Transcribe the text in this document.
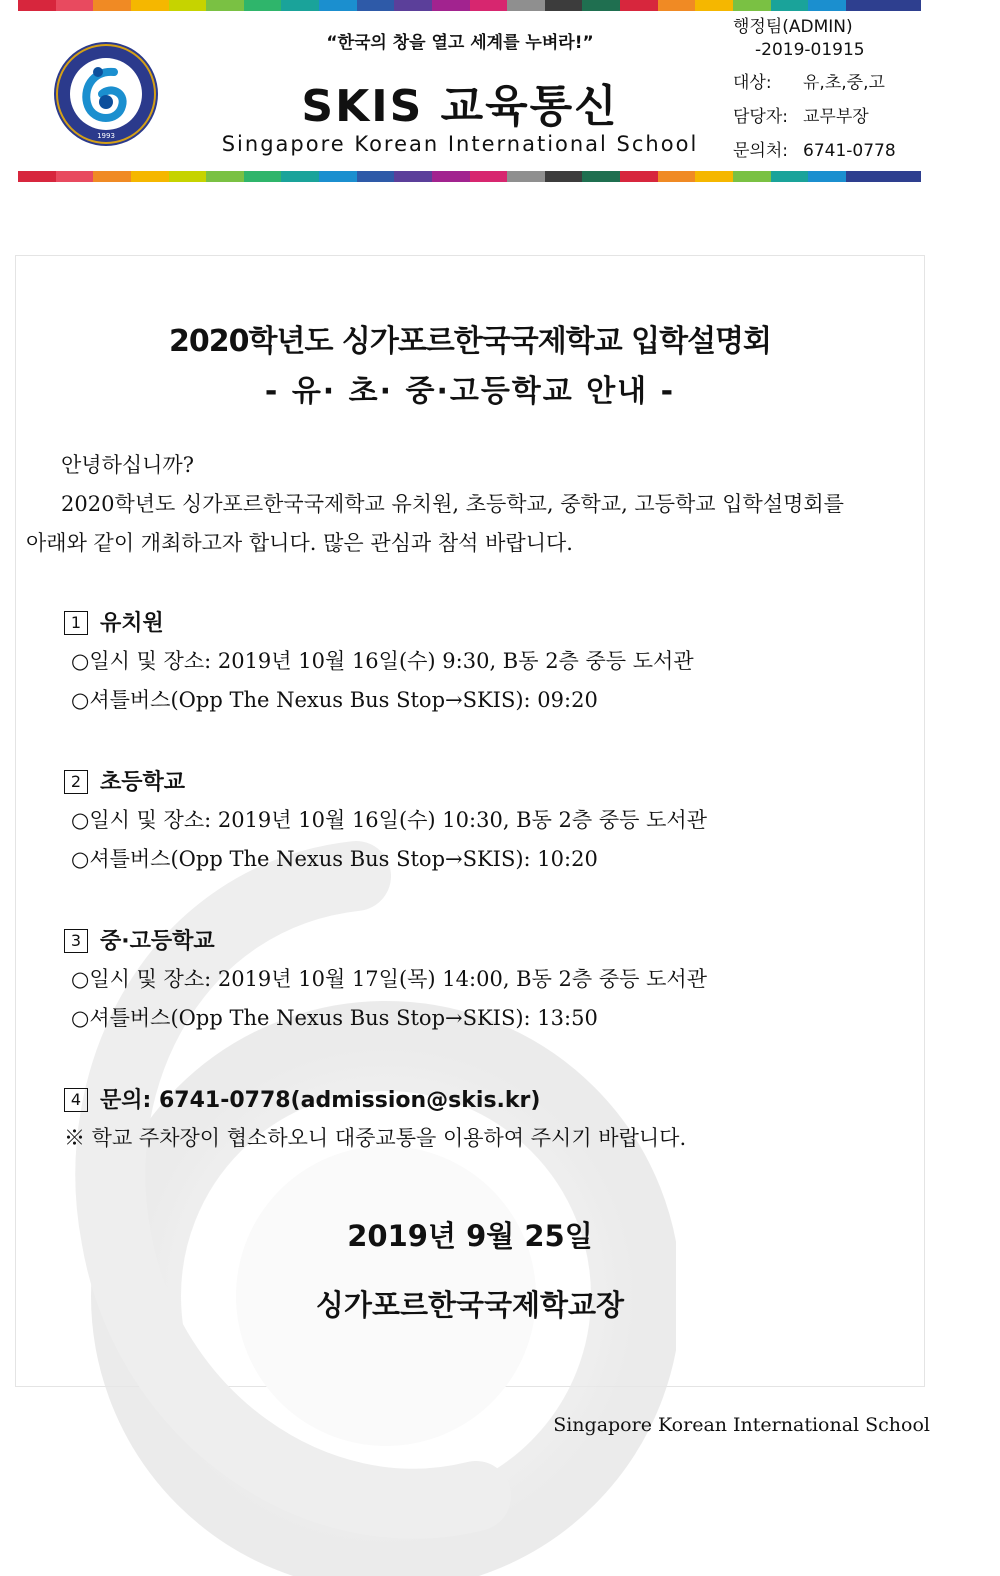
1993
“한국의 창을 열고 세계를 누벼라!”
SKIS 교육통신
Singapore Korean International School
행정팀(ADMIN)
-2019-01915
대상: 유,초,중,고
담당자: 교무부장
문의처: 6741-0778
2020학년도 싱가포르한국국제학교 입학설명회
- 유· 초· 중·고등학교 안내 -
안녕하십니까?
2020학년도 싱가포르한국국제학교 유치원, 초등학교, 중학교, 고등학교 입학설명회를
아래와 같이 개최하고자 합니다. 많은 관심과 참석 바랍니다.
1 유치원
○일시 및 장소: 2019년 10월 16일(수) 9:30, B동 2층 중등 도서관
○셔틀버스(Opp The Nexus Bus Stop→SKIS): 09:20
2 초등학교
○일시 및 장소: 2019년 10월 16일(수) 10:30, B동 2층 중등 도서관
○셔틀버스(Opp The Nexus Bus Stop→SKIS): 10:20
3 중·고등학교
○일시 및 장소: 2019년 10월 17일(목) 14:00, B동 2층 중등 도서관
○셔틀버스(Opp The Nexus Bus Stop→SKIS): 13:50
4 문의: 6741-0778(admission@skis.kr)
※ 학교 주차장이 협소하오니 대중교통을 이용하여 주시기 바랍니다.
2019년 9월 25일
싱가포르한국국제학교장
Singapore Korean International School
